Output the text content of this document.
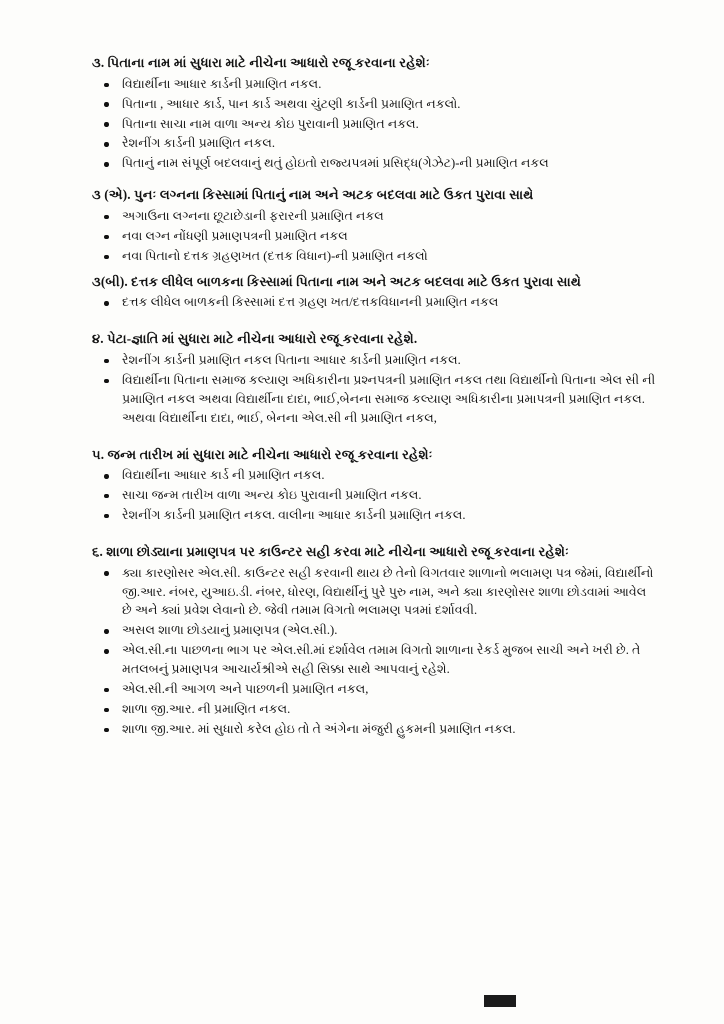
૩. પિતાના નામ માં સુધારા માટે નીચેના આધારો રજૂ કરવાના રહેશેઃ

વિદ્યાર્થીના આધાર કાર્ડની પ્રમાણિત નકલ.
પિતાના , આધાર કાર્ડ, પાન કાર્ડ અથવા ચુંટણી કાર્ડની પ્રમાણિત નકલો.
પિતાના સાચા નામ વાળા અન્ય કોઇ પુરાવાની પ્રમાણિત નકલ.
રેશનીંગ કાર્ડની પ્રમાણિત નકલ.
પિતાનું નામ સંપૂર્ણ બદલવાનું થતું હોઇતો રાજ્યપત્રમાં પ્રસિદ્ધ(ગેઝેટ)-ની પ્રમાણિત નકલ

૩ (એ). પુનઃ લગ્નના કિસ્સામાં પિતાનું નામ અને અટક બદલવા માટે ઉકત પુરાવા સાથે

અગાઉના લગ્નના છૂટાછેડાની ફરારની પ્રમાણિત નકલ
નવા લગ્ન નોંધણી પ્રમાણપત્રની પ્રમાણિત નકલ
નવા પિતાનો દત્તક ગ્રહણખત (દત્તક વિધાન)-ની પ્રમાણિત નકલો

૩(બી). દત્તક લીધેલ બાળકના કિસ્સામાં પિતાના નામ અને અટક બદલવા માટે ઉકત પુરાવા સાથે

દત્તક લીધેલ બાળકની કિસ્સામાં દત્ત ગ્રહણ ખત/દત્તકવિધાનની પ્રમાણિત નકલ

૪. પેટા-જ્ઞાતિ માં સુધારા માટે નીચેના આધારો રજૂ કરવાના રહેશે.

રેશનીંગ કાર્ડની પ્રમાણિત નકલ પિતાના આધાર કાર્ડની પ્રમાણિત નકલ.
વિદ્યાર્થીના પિતાના સમાજ કલ્યાણ અધિકારીના પ્રશ્નપત્રની પ્રમાણિત નકલ તથા વિદ્યાર્થીનો પિતાના એલ સી ની પ્રમાણિત નકલ અથવા વિદ્યાર્થીના દાદા, ભાઈ,બેનના સમાજ કલ્યાણ અધિકારીના પ્રમાપત્રની પ્રમાણિત નકલ. અથવા વિદ્યાર્થીના દાદા, ભાઈ, બેનના એલ.સી ની પ્રમાણિત નકલ,

૫. જન્મ તારીખ માં સુધારા માટે નીચેના આધારો રજૂ કરવાના રહેશેઃ

વિદ્યાર્થીના આધાર કાર્ડ ની પ્રમાણિત નકલ.
સાચા જન્મ તારીખ વાળા અન્ય કોઇ પુરાવાની પ્રમાણિત નકલ.
રેશનીંગ કાર્ડની પ્રમાણિત નકલ. વાલીના આધાર કાર્ડની પ્રમાણિત નકલ.

૬. શાળા છોડ્યાના પ્રમાણપત્ર પર કાઉન્ટર સહી કરવા માટે નીચેના આધારો રજૂ કરવાના રહેશેઃ

ક્યા કારણોસર એલ.સી. કાઉન્ટર સહી કરવાની થાય છે તેનો વિગતવાર શાળાનો ભલામણ પત્ર જેમાં, વિદ્યાર્થીનો જી.આર. નંબર, યુઆઇ.ડી. નંબર, ધોરણ, વિદ્યાર્થીનું પુરે પુરુ નામ, અને ક્યા કારણોસર શાળા છોડવામાં આવેલ છે અને ક્યાં પ્રવેશ લેવાનો છે. જેવી તમામ વિગતો ભલામણ પત્રમાં દર્શાવવી.
અસલ શાળા છોડયાનું પ્રમાણપત્ર (એલ.સી.).
એલ.સી.ના પાછળના ભાગ પર એલ.સી.માં દર્શાવેલ તમામ વિગતો શાળાના રેકર્ડ મુજબ સાચી અને ખરી છે. તે મતલબનું પ્રમાણપત્ર આચાર્યશ્રીએ સહી સિક્કા સાથે આપવાનું રહેશે.
એલ.સી.ની આગળ અને પાછળની પ્રમાણિત નકલ,
શાળા જી.આર. ની પ્રમાણિત નકલ.
શાળા જી.આર. માં સુધારો કરેલ હોઇ તો તે અંગેના મંજુરી હુકમની પ્રમાણિત નકલ.
